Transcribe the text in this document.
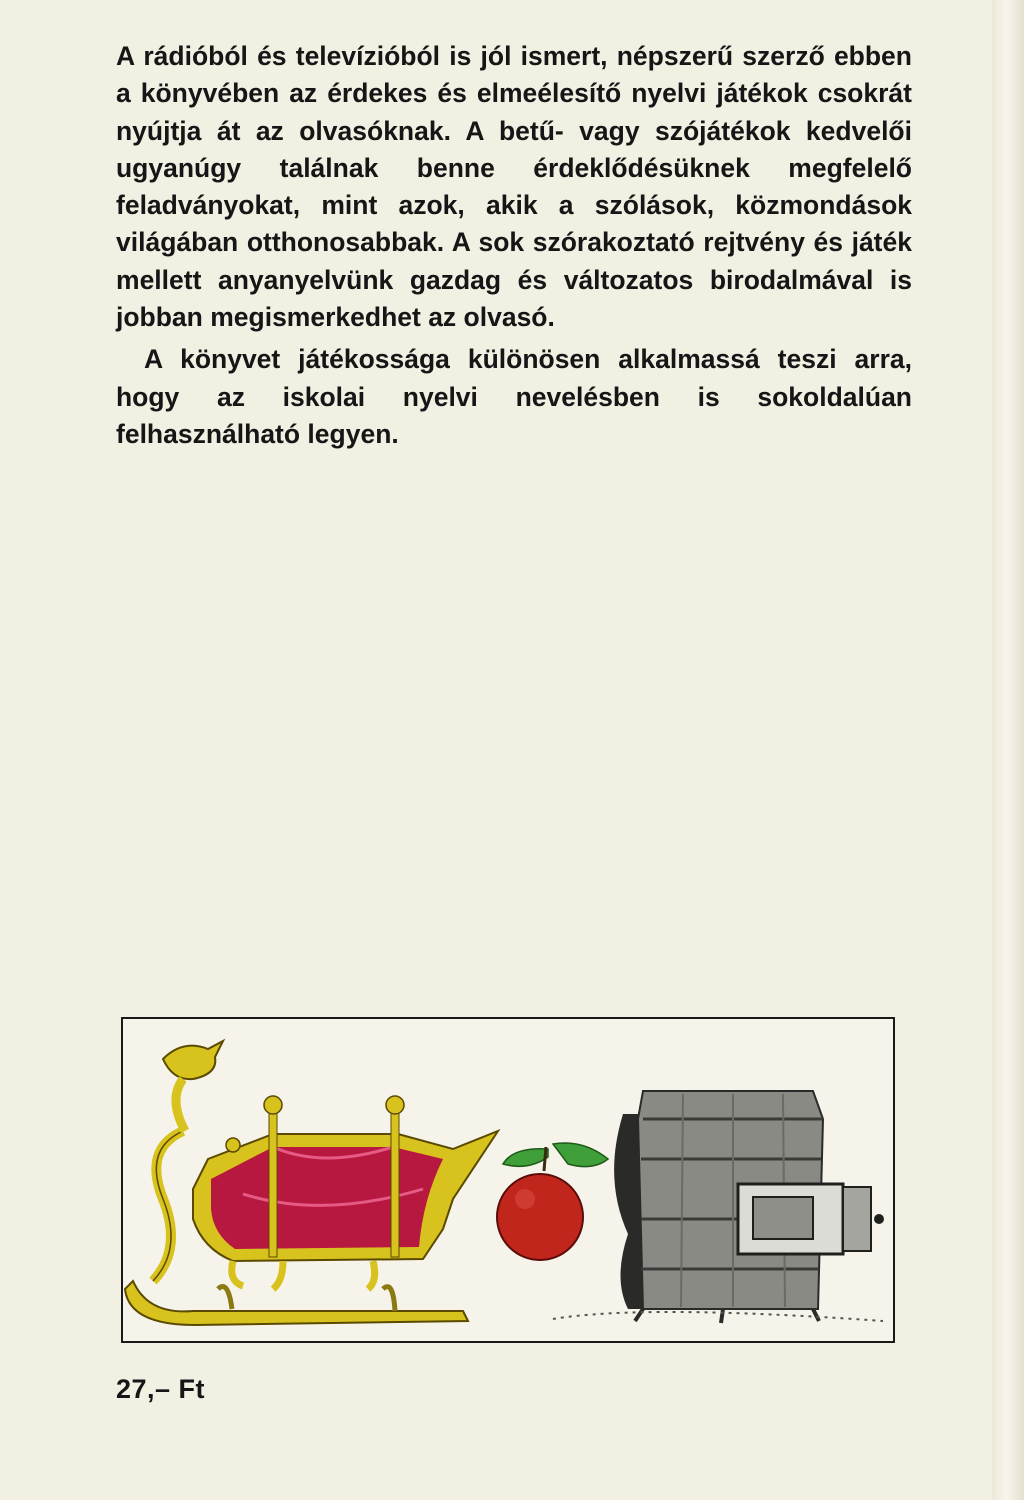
A rádióból és televízióból is jól ismert, népszerű szerző ebben a könyvében az érdekes és elmeélesítő nyelvi játékok csokrát nyújtja át az olvasóknak. A betű- vagy szójátékok kedvelői ugyanúgy találnak benne érdeklődésüknek megfelelő feladványokat, mint azok, akik a szólások, közmondások világában otthonosabbak. A sok szórakoztató rejtvény és játék mellett anyanyelvünk gazdag és változatos birodalmával is jobban megismerkedhet az olvasó.

A könyvet játékossága különösen alkalmassá teszi arra, hogy az iskolai nyelvi nevelésben is sokoldalúan felhasználható legyen.

27,– Ft
